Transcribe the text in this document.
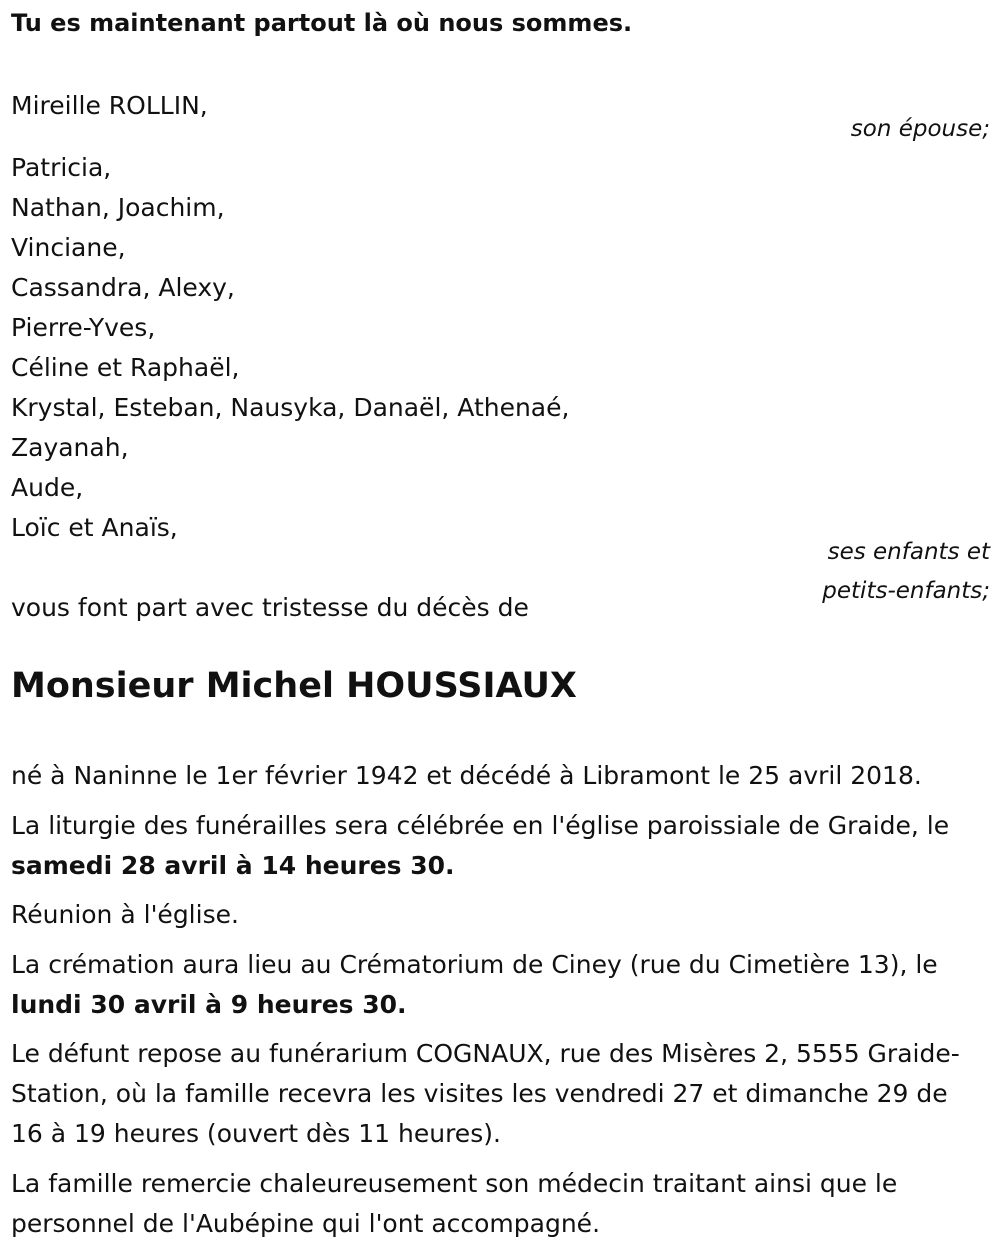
Tu es maintenant partout là où nous sommes.
Mireille ROLLIN,
son épouse;
Patricia,
Nathan, Joachim,
Vinciane,
Cassandra, Alexy,
Pierre-Yves,
Céline et Raphaël,
Krystal, Esteban, Nausyka, Danaël, Athenaé,
Zayanah,
Aude,
Loïc et Anaïs,
ses enfants et
petits-enfants;
vous font part avec tristesse du décès de
Monsieur Michel HOUSSIAUX
né à Naninne le 1er février 1942 et décédé à Libramont le 25 avril 2018.
La liturgie des funérailles sera célébrée en l'église paroissiale de Graide, le samedi 28 avril à 14 heures 30.
Réunion à l'église.
La crémation aura lieu au Crématorium de Ciney (rue du Cimetière 13), le lundi 30 avril à 9 heures 30.
Le défunt repose au funérarium COGNAUX, rue des Misères 2, 5555 Graide-Station, où la famille recevra les visites les vendredi 27 et dimanche 29 de 16 à 19 heures (ouvert dès 11 heures).
La famille remercie chaleureusement son médecin traitant ainsi que le personnel de l'Aubépine qui l'ont accompagné.
